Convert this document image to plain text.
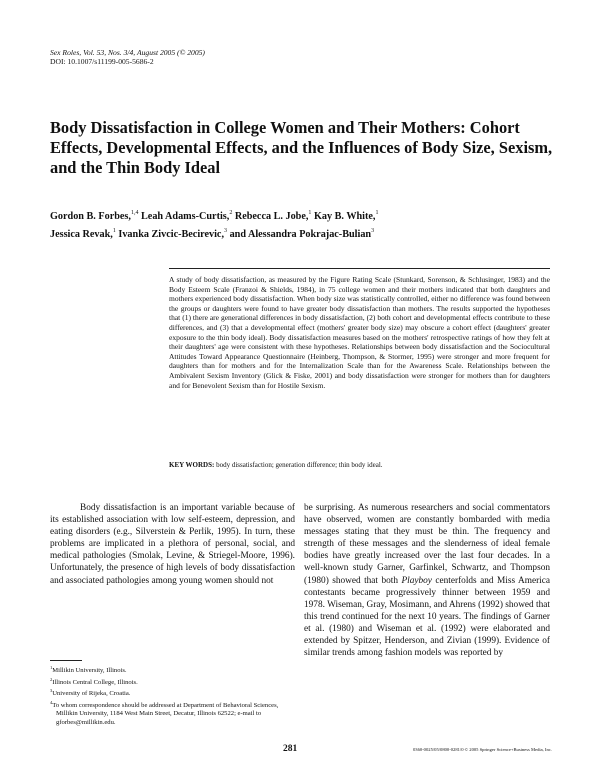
Sex Roles, Vol. 53, Nos. 3/4, August 2005 (© 2005)
DOI: 10.1007/s11199-005-5686-2
Body Dissatisfaction in College Women and Their Mothers: Cohort Effects, Developmental Effects, and the Influences of Body Size, Sexism, and the Thin Body Ideal
Gordon B. Forbes,$^{1,4}$ Leah Adams-Curtis,$^2$ Rebecca L. Jobe,$^1$ Kay B. White,$^1$
Jessica Revak,$^1$ Ivanka Zivcic-Becirevic,$^3$ and Alessandra Pokrajac-Bulian$^3$
A study of body dissatisfaction, as measured by the Figure Rating Scale (Stunkard, Sorenson, & Schlusinger, 1983) and the Body Esteem Scale (Franzoi & Shields, 1984), in 75 college women and their mothers indicated that both daughters and mothers experienced body dissatisfaction. When body size was statistically controlled, either no difference was found between the groups or daughters were found to have greater body dissatisfaction than mothers. The results supported the hypotheses that (1) there are generational differences in body dissatisfaction, (2) both cohort and developmental effects contribute to these differences, and (3) that a developmental effect (mothers' greater body size) may obscure a cohort effect (daughters' greater exposure to the thin body ideal). Body dissatisfaction measures based on the mothers' retrospective ratings of how they felt at their daughters' age were consistent with these hypotheses. Relationships between body dissatisfaction and the Sociocultural Attitudes Toward Appearance Questionnaire (Heinberg, Thompson, & Stormer, 1995) were stronger and more frequent for daughters than for mothers and for the Internalization Scale than for the Awareness Scale. Relationships between the Ambivalent Sexism Inventory (Glick & Fiske, 2001) and body dissatisfaction were stronger for mothers than for daughters and for Benevolent Sexism than for Hostile Sexism.
KEY WORDS: body dissatisfaction; generation difference; thin body ideal.

Body dissatisfaction is an important variable because of its established association with low self-esteem, depression, and eating disorders (e.g., Silverstein & Perlik, 1995). In turn, these problems are implicated in a plethora of personal, social, and medical pathologies (Smolak, Levine, & Striegel-Moore, 1996). Unfortunately, the presence of high levels of body dissatisfaction and associated pathologies among young women should not

be surprising. As numerous researchers and social commentators have observed, women are constantly bombarded with media messages stating that they must be thin. The frequency and strength of these messages and the slenderness of ideal female bodies have greatly increased over the last four decades. In a well-known study Garner, Garfinkel, Schwartz, and Thompson (1980) showed that both Playboy centerfolds and Miss America contestants became progressively thinner between 1959 and 1978. Wiseman, Gray, Mosimann, and Ahrens (1992) showed that this trend continued for the next 10 years. The findings of Garner et al. (1980) and Wiseman et al. (1992) were elaborated and extended by Spitzer, Henderson, and Zivian (1999). Evidence of similar trends among fashion models was reported by

$^1$Millikin University, Illinois.
$^2$Illinois Central College, Illinois.
$^3$University of Rijeka, Croatia.
$^4$To whom correspondence should be addressed at Department of Behavioral Sciences, Millikin University, 1184 West Main Street, Decatur, Illinois 62522; e-mail to gforbes@millikin.edu.
281	0360-0025/05/0800-0281/0 © 2005 Springer Science+Business Media, Inc.
